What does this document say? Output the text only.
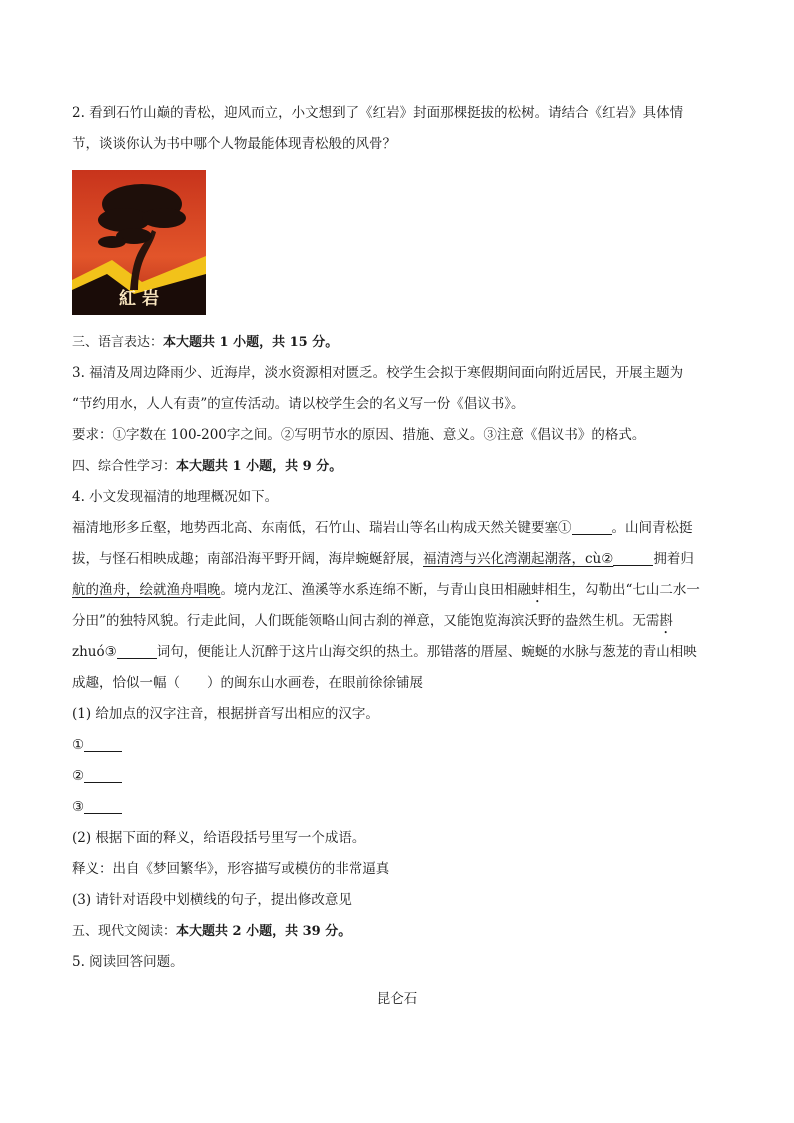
2. 看到石竹山巅的青松，迎风而立，小文想到了《红岩》封面那棵挺拔的松树。请结合《红岩》具体情

节，谈谈你认为书中哪个人物最能体现青松般的风骨？

紅 岩

三、语言表达：本大题共 1 小题，共 15 分。

3. 福清及周边降雨少、近海岸，淡水资源相对匮乏。校学生会拟于寒假期间面向附近居民，开展主题为

“节约用水，人人有责”的宣传活动。请以校学生会的名义写一份《倡议书》。

要求：①字数在 100-200字之间。②写明节水的原因、措施、意义。③注意《倡议书》的格式。

四、综合性学习：本大题共 1 小题，共 9 分。

4. 小文发现福清的地理概况如下。

福清地形多丘壑，地势西北高、东南低，石竹山、瑞岩山等名山构成天然关键要塞①	。山间青松挺

拔，与怪石相映成趣；南部沿海平野开阔，海岸蜿蜒舒展，福清湾与兴化湾潮起潮落，cù②	拥着归

航的渔舟，绘就渔舟唱晚。境内龙江、渔溪等水系连绵不断，与青山良田相融蚌相生，勾勒出“七山二水一

分田”的独特风貌。行走此间，人们既能领略山间古刹的禅意，又能饱览海滨沃野的盎然生机。无需斟

zhuó③	词句，便能让人沉醉于这片山海交织的热土。那错落的厝屋、蜿蜒的水脉与葱茏的青山相映

成趣，恰似一幅（　　）的闽东山水画卷，在眼前徐徐铺展

(1) 给加点的汉字注音，根据拼音写出相应的汉字。

①

②

③

(2) 根据下面的释义，给语段括号里写一个成语。

释义：出自《梦回繁华》，形容描写或模仿的非常逼真

(3) 请针对语段中划横线的句子，提出修改意见

五、现代文阅读：本大题共 2 小题，共 39 分。

5. 阅读回答问题。

昆仑石
